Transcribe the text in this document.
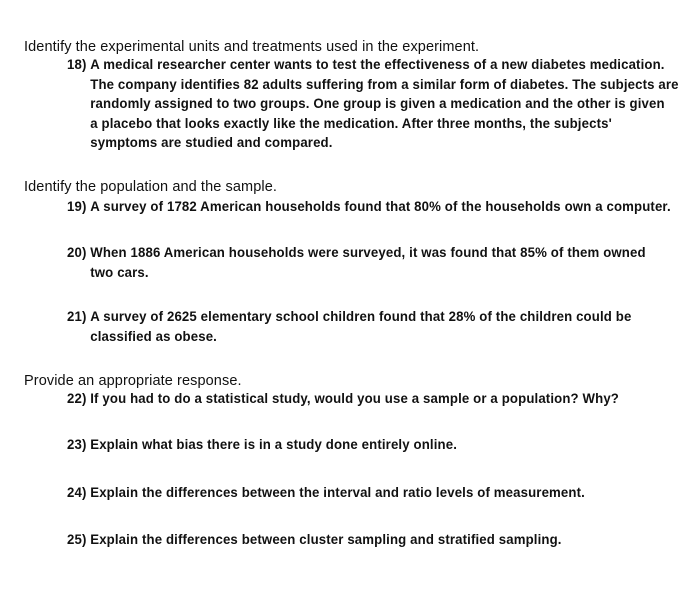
Identify the experimental units and treatments used in the experiment.
18) A medical researcher center wants to test the effectiveness of a new diabetes medication.
The company identifies 82 adults suffering from a similar form of diabetes. The subjects are
randomly assigned to two groups. One group is given a medication and the other is given
a placebo that looks exactly like the medication. After three months, the subjects'
symptoms are studied and compared.
Identify the population and the sample.
19) A survey of 1782 American households found that 80% of the households own a computer.
20) When 1886 American households were surveyed, it was found that 85% of them owned
two cars.
21) A survey of 2625 elementary school children found that 28% of the children could be
classified as obese.
Provide an appropriate response.
22) If you had to do a statistical study, would you use a sample or a population? Why?
23) Explain what bias there is in a study done entirely online.
24) Explain the differences between the interval and ratio levels of measurement.
25) Explain the differences between cluster sampling and stratified sampling.
